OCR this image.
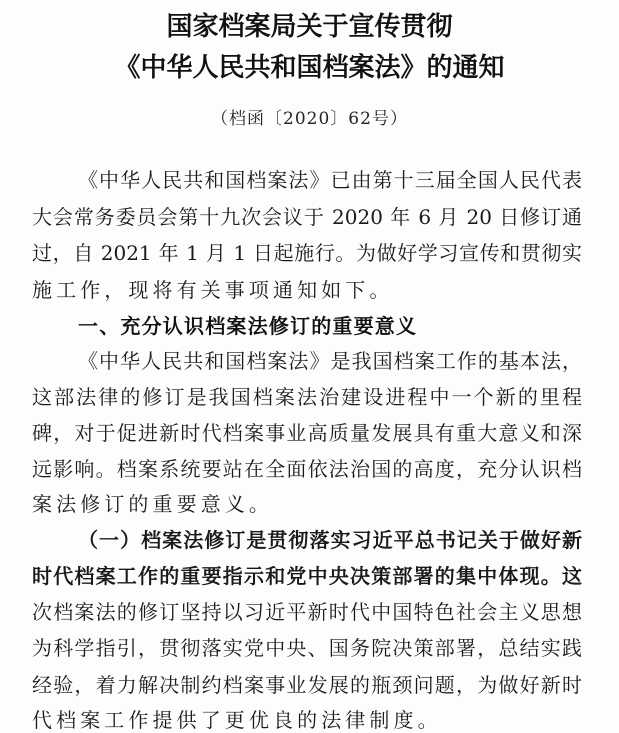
国家档案局关于宣传贯彻
《中华人民共和国档案法》的通知
（档函〔2020〕62号）
《中华人民共和国档案法》已由第十三届全国人民代表
大会常务委员会第十九次会议于 2020 年 6 月 20 日修订通
过，自 2021 年 1 月 1 日起施行。为做好学习宣传和贯彻实
施工作，现将有关事项通知如下。
一、充分认识档案法修订的重要意义
《中华人民共和国档案法》是我国档案工作的基本法，
这部法律的修订是我国档案法治建设进程中一个新的里程
碑，对于促进新时代档案事业高质量发展具有重大意义和深
远影响。档案系统要站在全面依法治国的高度，充分认识档
案法修订的重要意义。
（一）档案法修订是贯彻落实习近平总书记关于做好新
时代档案工作的重要指示和党中央决策部署的集中体现。这
次档案法的修订坚持以习近平新时代中国特色社会主义思想
为科学指引，贯彻落实党中央、国务院决策部署，总结实践
经验，着力解决制约档案事业发展的瓶颈问题，为做好新时
代档案工作提供了更优良的法律制度。
